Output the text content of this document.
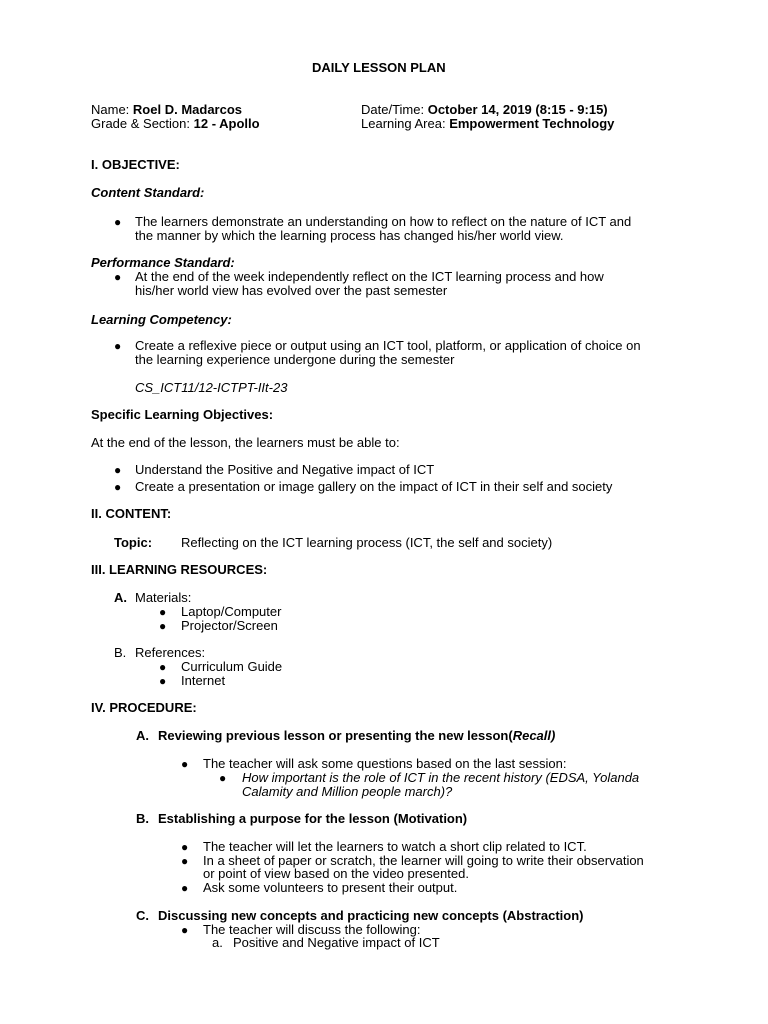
DAILY LESSON PLAN
Name: Roel D. Madarcos
Grade & Section: 12 - Apollo
Date/Time: October 14, 2019 (8:15 - 9:15)
Learning Area: Empowerment Technology
I. OBJECTIVE:
Content Standard:
● The learners demonstrate an understanding on how to reflect on the nature of ICT and
the manner by which the learning process has changed his/her world view.
Performance Standard:
● At the end of the week independently reflect on the ICT learning process and how
his/her world view has evolved over the past semester
Learning Competency:
● Create a reflexive piece or output using an ICT tool, platform, or application of choice on
the learning experience undergone during the semester
CS_ICT11/12-ICTPT-IIt-23
Specific Learning Objectives:
At the end of the lesson, the learners must be able to:
● Understand the Positive and Negative impact of ICT
● Create a presentation or image gallery on the impact of ICT in their self and society
II. CONTENT:
Topic: Reflecting on the ICT learning process (ICT, the self and society)
III. LEARNING RESOURCES:
A. Materials:
● Laptop/Computer
● Projector/Screen
B. References:
● Curriculum Guide
● Internet
IV. PROCEDURE:
A. Reviewing previous lesson or presenting the new lesson(Recall)
● The teacher will ask some questions based on the last session:
● How important is the role of ICT in the recent history (EDSA, Yolanda
Calamity and Million people march)?
B. Establishing a purpose for the lesson (Motivation)
● The teacher will let the learners to watch a short clip related to ICT.
● In a sheet of paper or scratch, the learner will going to write their observation
or point of view based on the video presented.
● Ask some volunteers to present their output.
C. Discussing new concepts and practicing new concepts (Abstraction)
● The teacher will discuss the following:
a. Positive and Negative impact of ICT
